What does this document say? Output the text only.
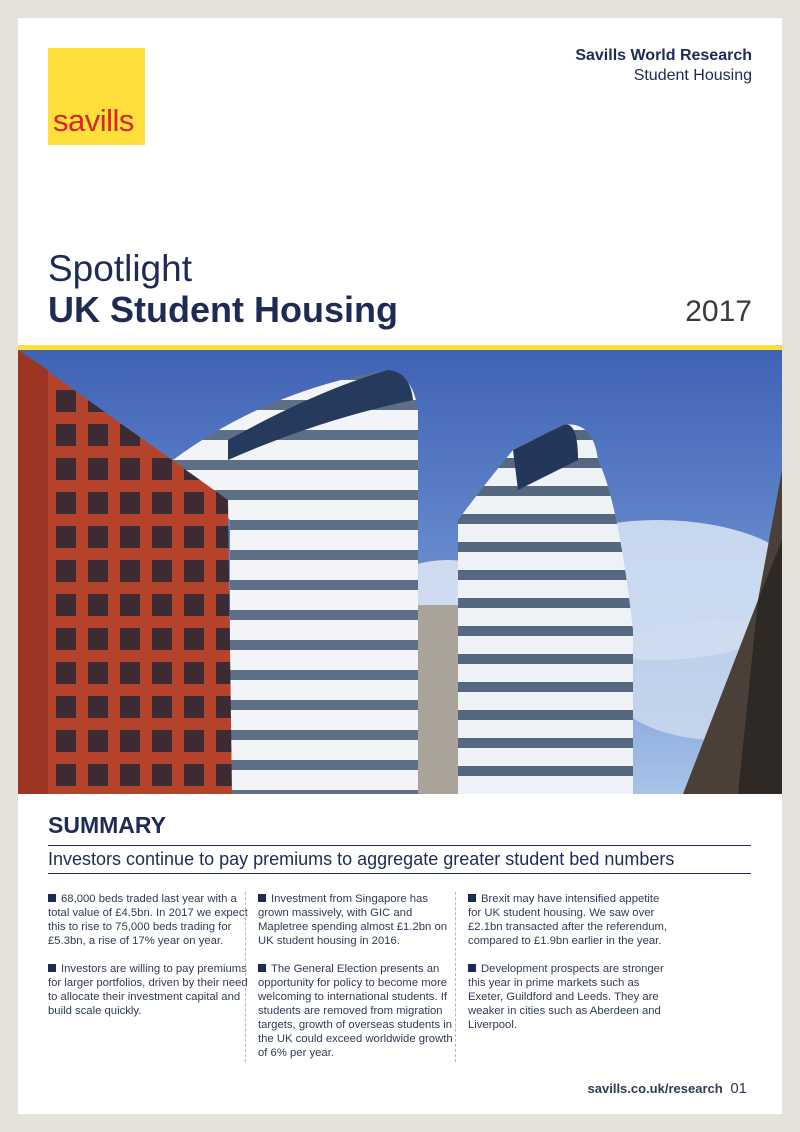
savills
Savills World Research
Student Housing
Spotlight
UK Student Housing	2017
SUMMARY
Investors continue to pay premiums to aggregate greater student bed numbers

68,000 beds traded last year with a total value of £4.5bn. In 2017 we expect this to rise to 75,000 beds trading for £5.3bn, a rise of 17% year on year.

Investors are willing to pay premiums for larger portfolios, driven by their need to allocate their investment capital and build scale quickly.

Investment from Singapore has grown massively, with GIC and Mapletree spending almost £1.2bn on UK student housing in 2016.

The General Election presents an opportunity for policy to become more welcoming to international students. If students are removed from migration targets, growth of overseas students in the UK could exceed worldwide growth of 6% per year.

Brexit may have intensified appetite for UK student housing. We saw over £2.1bn transacted after the referendum, compared to £1.9bn earlier in the year.

Development prospects are stronger this year in prime markets such as Exeter, Guildford and Leeds. They are weaker in cities such as Aberdeen and Liverpool.

savills.co.uk/research 01
